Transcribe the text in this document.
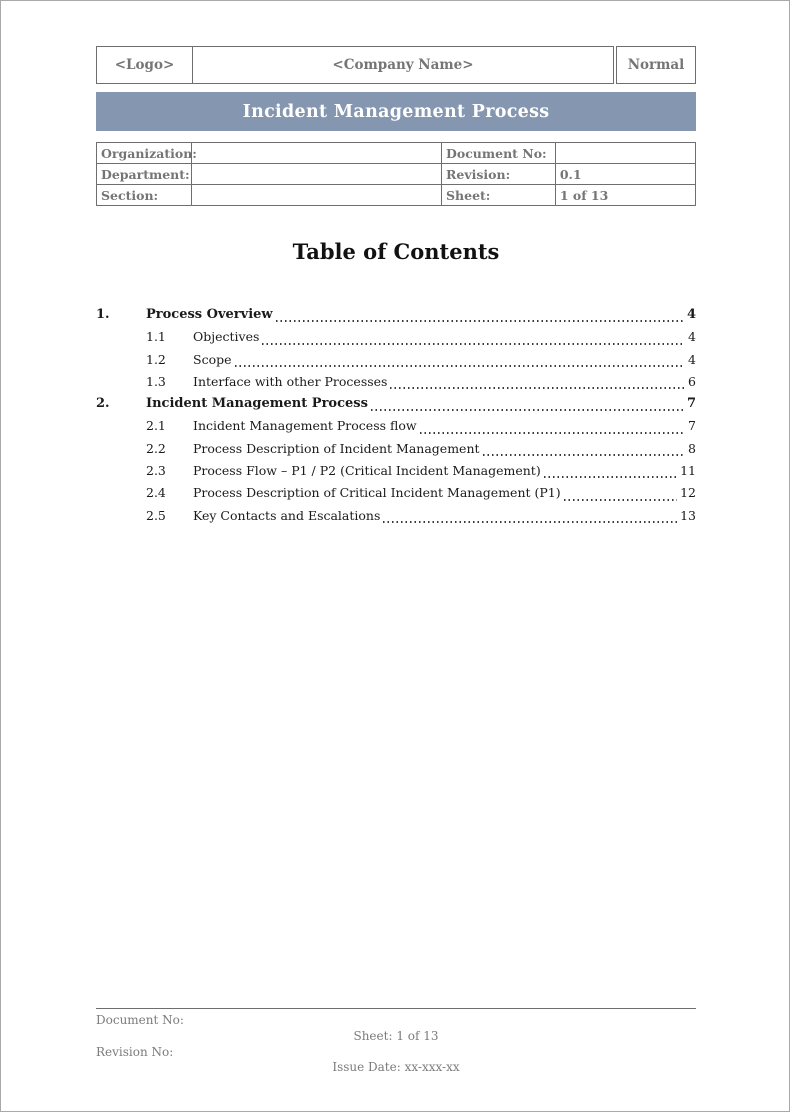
<Logo>	<Company Name>	Normal
Incident Management Process
Organization:		Document No:	
Department:		Revision:	0.1
Section:		Sheet:	1 of 13
Table of Contents
1.	Process Overview	4
1.1	Objectives	4
1.2	Scope	4
1.3	Interface with other Processes	6
2.	Incident Management Process	7
2.1	Incident Management Process flow	7
2.2	Process Description of Incident Management	8
2.3	Process Flow – P1 / P2 (Critical Incident Management)	11
2.4	Process Description of Critical Incident Management (P1)	12
2.5	Key Contacts and Escalations	13
Document No:
Sheet: 1 of 13
Revision No:
Issue Date: xx-xxx-xx
